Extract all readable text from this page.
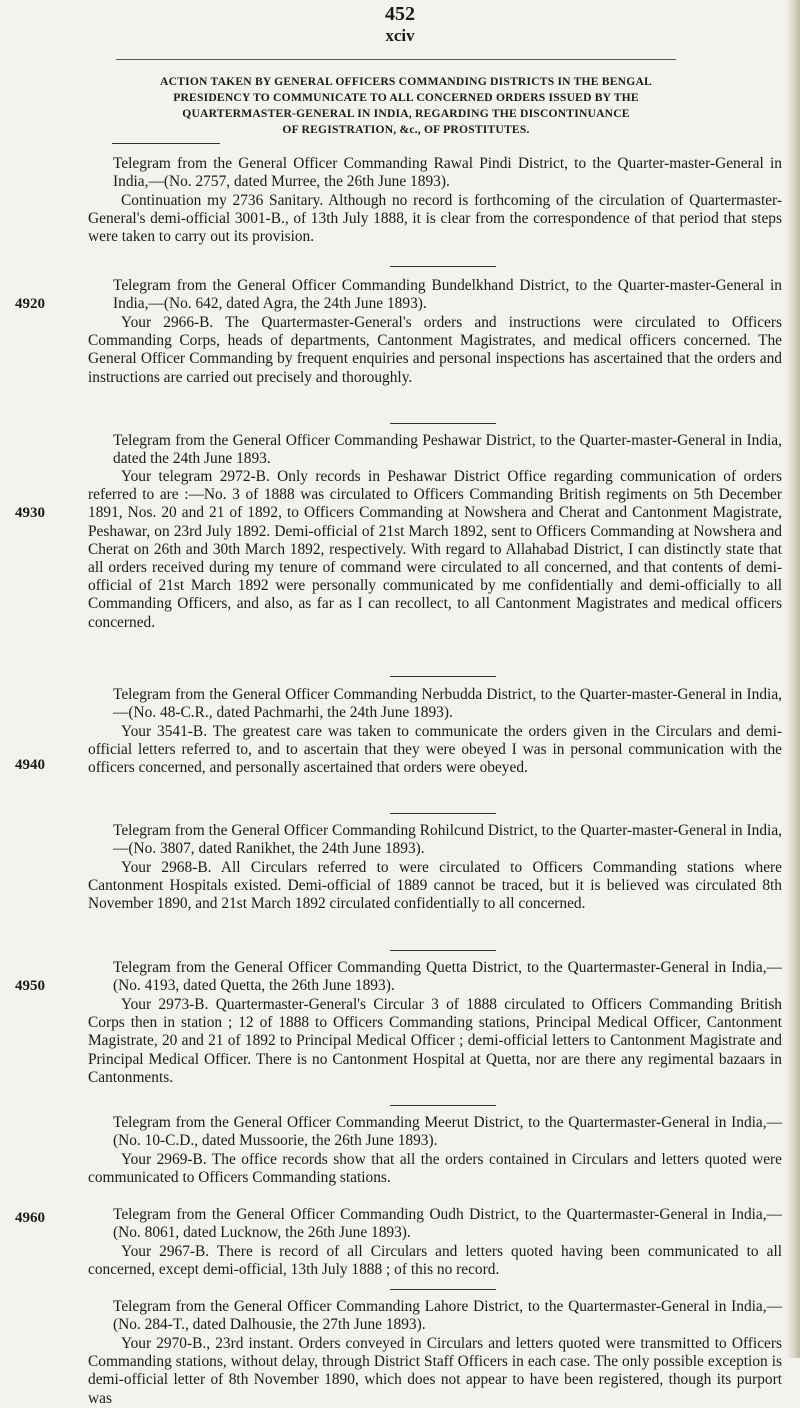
452
xciv
ACTION TAKEN BY GENERAL OFFICERS COMMANDING DISTRICTS IN THE BENGAL
PRESIDENCY TO COMMUNICATE TO ALL CONCERNED ORDERS ISSUED BY THE
QUARTERMASTER-GENERAL IN INDIA, REGARDING THE DISCONTINUANCE
OF REGISTRATION, &c., OF PROSTITUTES.
Telegram from the General Officer Commanding Rawal Pindi District, to the Quarter-master-General in India,—(No. 2757, dated Murree, the 26th June 1893).
Continuation my 2736 Sanitary. Although no record is forthcoming of the circulation of Quartermaster-General's demi-official 3001-B., of 13th July 1888, it is clear from the correspondence of that period that steps were taken to carry out its provision.
4920
Telegram from the General Officer Commanding Bundelkhand District, to the Quarter-master-General in India,—(No. 642, dated Agra, the 24th June 1893).
Your 2966-B. The Quartermaster-General's orders and instructions were circulated to Officers Commanding Corps, heads of departments, Cantonment Magistrates, and medical officers concerned. The General Officer Commanding by frequent enquiries and personal inspections has ascertained that the orders and instructions are carried out precisely and thoroughly.
4930
Telegram from the General Officer Commanding Peshawar District, to the Quarter-master-General in India, dated the 24th June 1893.
Your telegram 2972-B. Only records in Peshawar District Office regarding communication of orders referred to are :—No. 3 of 1888 was circulated to Officers Commanding British regiments on 5th December 1891, Nos. 20 and 21 of 1892, to Officers Commanding at Nowshera and Cherat and Cantonment Magistrate, Peshawar, on 23rd July 1892. Demi-official of 21st March 1892, sent to Officers Commanding at Nowshera and Cherat on 26th and 30th March 1892, respectively. With regard to Allahabad District, I can distinctly state that all orders received during my tenure of command were circulated to all concerned, and that contents of demi-official of 21st March 1892 were personally communicated by me confidentially and demi-officially to all Commanding Officers, and also, as far as I can recollect, to all Cantonment Magistrates and medical officers concerned.
4940
Telegram from the General Officer Commanding Nerbudda District, to the Quarter-master-General in India,—(No. 48-C.R., dated Pachmarhi, the 24th June 1893).
Your 3541-B. The greatest care was taken to communicate the orders given in the Circulars and demi-official letters referred to, and to ascertain that they were obeyed I was in personal communication with the officers concerned, and personally ascertained that orders were obeyed.
Telegram from the General Officer Commanding Rohilcund District, to the Quarter-master-General in India,—(No. 3807, dated Ranikhet, the 24th June 1893).
Your 2968-B. All Circulars referred to were circulated to Officers Commanding stations where Cantonment Hospitals existed. Demi-official of 1889 cannot be traced, but it is believed was circulated 8th November 1890, and 21st March 1892 circulated confidentially to all concerned.
4950
Telegram from the General Officer Commanding Quetta District, to the Quartermaster-General in India,—(No. 4193, dated Quetta, the 26th June 1893).
Your 2973-B. Quartermaster-General's Circular 3 of 1888 circulated to Officers Commanding British Corps then in station ; 12 of 1888 to Officers Commanding stations, Principal Medical Officer, Cantonment Magistrate, 20 and 21 of 1892 to Principal Medical Officer ; demi-official letters to Cantonment Magistrate and Principal Medical Officer. There is no Cantonment Hospital at Quetta, nor are there any regimental bazaars in Cantonments.
Telegram from the General Officer Commanding Meerut District, to the Quartermaster-General in India,—(No. 10-C.D., dated Mussoorie, the 26th June 1893).
Your 2969-B. The office records show that all the orders contained in Circulars and letters quoted were communicated to Officers Commanding stations.
4960	Telegram from the General Officer Commanding Oudh District, to the Quartermaster-General in India,—(No. 8061, dated Lucknow, the 26th June 1893).
Your 2967-B. There is record of all Circulars and letters quoted having been communicated to all concerned, except demi-official, 13th July 1888 ; of this no record.
Telegram from the General Officer Commanding Lahore District, to the Quartermaster-General in India,—(No. 284-T., dated Dalhousie, the 27th June 1893).
Your 2970-B., 23rd instant. Orders conveyed in Circulars and letters quoted were transmitted to Officers Commanding stations, without delay, through District Staff Officers in each case. The only possible exception is demi-official letter of 8th November 1890, which does not appear to have been registered, though its purport was
